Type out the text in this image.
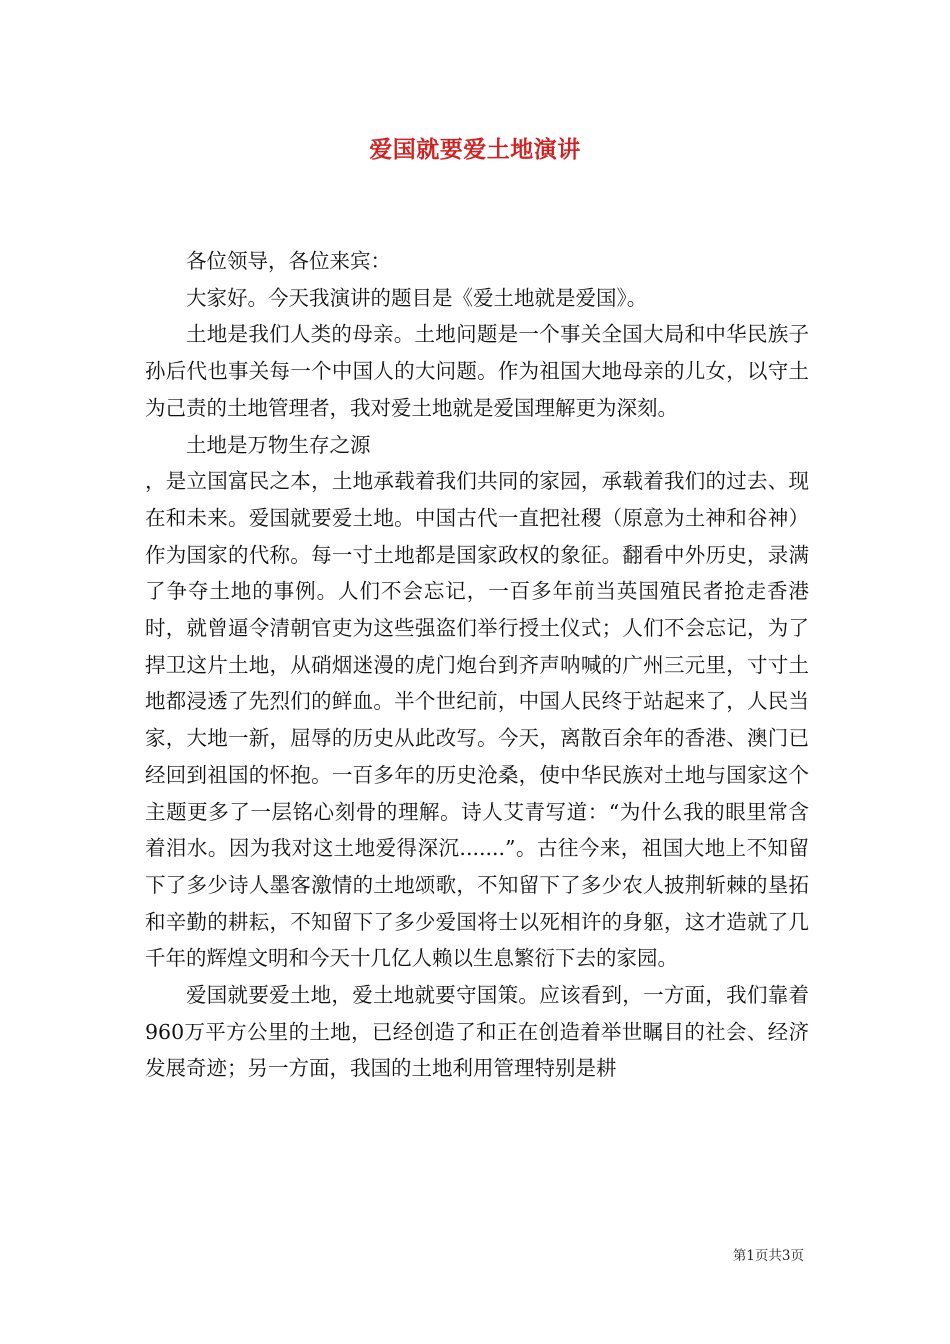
爱国就要爱土地演讲

各位领导，各位来宾：

大家好。今天我演讲的题目是《爱土地就是爱国》。

土地是我们人类的母亲。土地问题是一个事关全国大局和中华民族子孙后代也事关每一个中国人的大问题。作为祖国大地母亲的儿女，以守土为己责的土地管理者，我对爱土地就是爱国理解更为深刻。

土地是万物生存之源

，是立国富民之本，土地承载着我们共同的家园，承载着我们的过去、现在和未来。爱国就要爱土地。中国古代一直把社稷（原意为土神和谷神）作为国家的代称。每一寸土地都是国家政权的象征。翻看中外历史，录满了争夺土地的事例。人们不会忘记，一百多年前当英国殖民者抢走香港时，就曾逼令清朝官吏为这些强盗们举行授土仪式；人们不会忘记，为了捍卫这片土地，从硝烟迷漫的虎门炮台到齐声呐喊的广州三元里，寸寸土地都浸透了先烈们的鲜血。半个世纪前，中国人民终于站起来了，人民当家，大地一新，屈辱的历史从此改写。今天，离散百余年的香港、澳门已经回到祖国的怀抱。一百多年的历史沧桑，使中华民族对土地与国家这个主题更多了一层铭心刻骨的理解。诗人艾青写道：“为什么我的眼里常含着泪水。因为我对这土地爱得深沉.......”。古往今来，祖国大地上不知留下了多少诗人墨客激情的土地颂歌，不知留下了多少农人披荆斩棘的垦拓和辛勤的耕耘，不知留下了多少爱国将士以死相许的身躯，这才造就了几千年的辉煌文明和今天十几亿人赖以生息繁衍下去的家园。

爱国就要爱土地，爱土地就要守国策。应该看到，一方面，我们靠着960万平方公里的土地，已经创造了和正在创造着举世瞩目的社会、经济发展奇迹；另一方面，我国的土地利用管理特别是耕

第1页共3页
